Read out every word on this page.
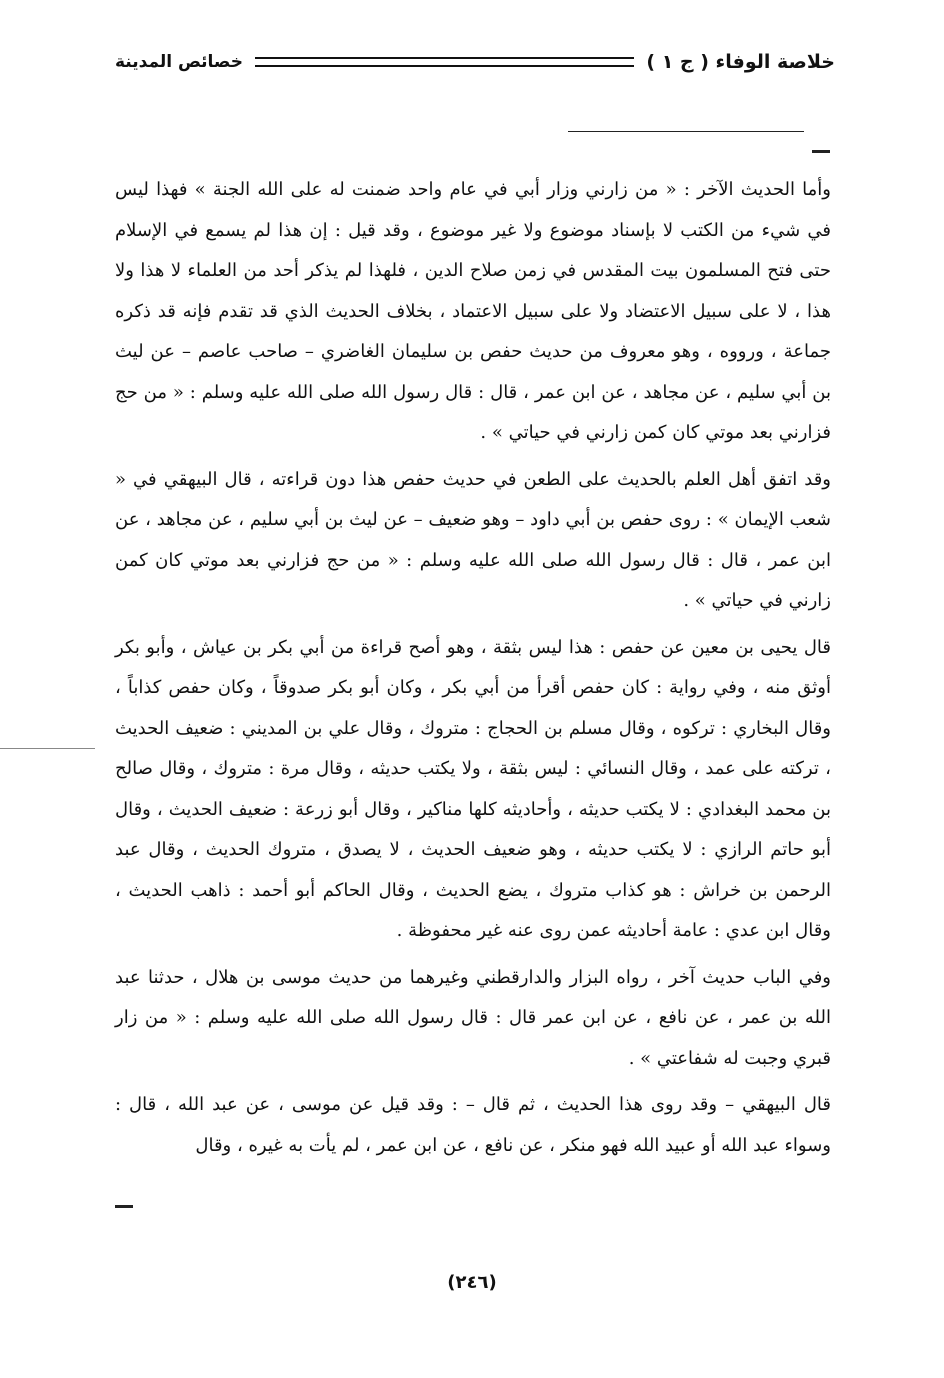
خلاصة الوفاء ( ج ١ )
خصائص المدينة

وأما الحديث الآخر : « من زارني وزار أبي في عام واحد ضمنت له على الله الجنة » فهذا ليس في شيء من الكتب لا بإسناد موضوع ولا غير موضوع ، وقد قيل : إن هذا لم يسمع في الإسلام حتى فتح المسلمون بيت المقدس في زمن صلاح الدين ، فلهذا لم يذكر أحد من العلماء لا هذا ولا هذا ، لا على سبيل الاعتضاد ولا على سبيل الاعتماد ، بخلاف الحديث الذي قد تقدم فإنه قد ذكره جماعة ، ورووه ، وهو معروف من حديث حفص بن سليمان الغاضري – صاحب عاصم – عن ليث بن أبي سليم ، عن مجاهد ، عن ابن عمر ، قال : قال رسول الله صلى الله عليه وسلم : « من حج فزارني بعد موتي كان كمن زارني في حياتي » .

وقد اتفق أهل العلم بالحديث على الطعن في حديث حفص هذا دون قراءته ، قال البيهقي في « شعب الإيمان » : روى حفص بن أبي داود – وهو ضعيف – عن ليث بن أبي سليم ، عن مجاهد ، عن ابن عمر ، قال : قال رسول الله صلى الله عليه وسلم : « من حج فزارني بعد موتي كان كمن زارني في حياتي » .

قال يحيى بن معين عن حفص : هذا ليس بثقة ، وهو أصح قراءة من أبي بكر بن عياش ، وأبو بكر أوثق منه ، وفي رواية : كان حفص أقرأ من أبي بكر ، وكان أبو بكر صدوقاً ، وكان حفص كذاباً ، وقال البخاري : تركوه ، وقال مسلم بن الحجاج : متروك ، وقال علي بن المديني : ضعيف الحديث ، تركته على عمد ، وقال النسائي : ليس بثقة ، ولا يكتب حديثه ، وقال مرة : متروك ، وقال صالح بن محمد البغدادي : لا يكتب حديثه ، وأحاديثه كلها مناكير ، وقال أبو زرعة : ضعيف الحديث ، وقال أبو حاتم الرازي : لا يكتب حديثه ، وهو ضعيف الحديث ، لا يصدق ، متروك الحديث ، وقال عبد الرحمن بن خراش : هو كذاب متروك ، يضع الحديث ، وقال الحاكم أبو أحمد : ذاهب الحديث ، وقال ابن عدي : عامة أحاديثه عمن روى عنه غير محفوظة .

وفي الباب حديث آخر ، رواه البزار والدارقطني وغيرهما من حديث موسى بن هلال ، حدثنا عبد الله بن عمر ، عن نافع ، عن ابن عمر قال : قال رسول الله صلى الله عليه وسلم : « من زار قبري وجبت له شفاعتي » .

قال البيهقي – وقد روى هذا الحديث ، ثم قال – : وقد قيل عن موسى ، عن عبد الله ، قال : وسواء عبد الله أو عبيد الله فهو منكر ، عن نافع ، عن ابن عمر ، لم يأت به غيره ، وقال

(٢٤٦)
